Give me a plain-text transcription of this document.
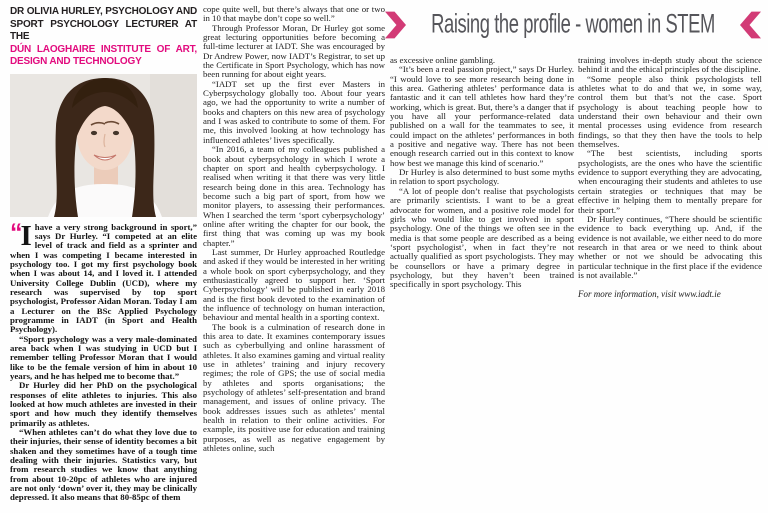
Raising the profile - women in STEM
DR OLIVIA HURLEY, PSYCHOLOGY AND SPORT PSYCHOLOGY LECTURER AT THE
DÚN LAOGHAIRE INSTITUTE OF ART, DESIGN AND TECHNOLOGY
“I have a very strong background in sport,” says Dr Hurley. “I competed at an elite level of track and field as a sprinter and when I was competing I became interested in psychology too. I got my first psychology book when I was about 14, and I loved it. I attended University College Dublin (UCD), where my research was supervised by top sport psychologist, Professor Aidan Moran. Today I am a Lecturer on the BSc Applied Psychology programme in IADT (in Sport and Health Psychology).

“Sport psychology was a very male-dominated area back when I was studying in UCD but I remember telling Professor Moran that I would like to be the female version of him in about 10 years, and he has helped me to become that.”

Dr Hurley did her PhD on the psychological responses of elite athletes to injuries. This also looked at how much athletes are invested in their sport and how much they identify themselves primarily as athletes.

“When athletes can’t do what they love due to their injuries, their sense of identity becomes a bit shaken and they sometimes have of a tough time dealing with their injuries. Statistics vary, but from research studies we know that anything from about 10-20pc of athletes who are injured are not only ‘down’ over it, they may be clinically depressed. It also means that 80-85pc of them

cope quite well, but there’s always that one or two in 10 that maybe don’t cope so well.”

Through Professor Moran, Dr Hurley got some great lecturing opportunities before becoming a full-time lecturer at IADT. She was encouraged by Dr Andrew Power, now IADT’s Registrar, to set up the Certificate in Sport Psychology, which has now been running for about eight years.

“IADT set up the first ever Masters in Cyberpsychology globally too. About four years ago, we had the opportunity to write a number of books and chapters on this new area of psychology and I was asked to contribute to some of them. For me, this involved looking at how technology has influenced athletes’ lives specifically.

“In 2016, a team of my colleagues published a book about cyberpsychology in which I wrote a chapter on sport and health cyberpsychology. I realised when writing it that there was very little research being done in this area. Technology has become such a big part of sport, from how we monitor players, to assessing their performances. When I searched the term ‘sport cyberpsychology’ online after writing the chapter for our book, the first thing that was coming up was my book chapter.”

Last summer, Dr Hurley approached Routledge and asked if they would be interested in her writing a whole book on sport cyberpsychology, and they enthusiastically agreed to support her. ‘Sport Cyberpsychology’ will be published in early 2018 and is the first book devoted to the examination of the influence of technology on human interaction, behaviour and mental health in a sporting context.

The book is a culmination of research done in this area to date. It examines contemporary issues such as cyberbullying and online harassment of athletes. It also examines gaming and virtual reality use in athletes’ training and injury recovery regimes; the role of GPS; the use of social media by athletes and sports organisations; the psychology of athletes’ self-presentation and brand management, and issues of online privacy. The book addresses issues such as athletes’ mental health in relation to their online activities. For example, its positive use for education and training purposes, as well as negative engagement by athletes online, such

as excessive online gambling.

“It’s been a real passion project,” says Dr Hurley. “I would love to see more research being done in this area. Gathering athletes’ performance data is fantastic and it can tell athletes how hard they’re working, which is great. But, there’s a danger that if you have all your performance-related data published on a wall for the teammates to see, it could impact on the athletes’ performances in both a positive and negative way. There has not been enough research carried out in this context to know how best we manage this kind of scenario.”

Dr Hurley is also determined to bust some myths in relation to sport psychology.

“A lot of people don’t realise that psychologists are primarily scientists. I want to be a great advocate for women, and a positive role model for girls who would like to get involved in sport psychology. One of the things we often see in the media is that some people are described as a being ‘sport psychologist’, when in fact they’re not actually qualified as sport psychologists. They may be counsellors or have a primary degree in psychology, but they haven’t been trained specifically in sport psychology. This

training involves in-depth study about the science behind it and the ethical principles of the discipline.

“Some people also think psychologists tell athletes what to do and that we, in some way, control them but that’s not the case. Sport psychology is about teaching people how to understand their own behaviour and their own mental processes using evidence from research findings, so that they then have the tools to help themselves.

“The best scientists, including sports psychologists, are the ones who have the scientific evidence to support everything they are advocating, when encouraging their students and athletes to use certain strategies or techniques that may be effective in helping them to mentally prepare for their sport.”

Dr Hurley continues, “There should be scientific evidence to back everything up. And, if the evidence is not available, we either need to do more research in that area or we need to think about whether or not we should be advocating this particular technique in the first place if the evidence is not available.”

For more information, visit www.iadt.ie
